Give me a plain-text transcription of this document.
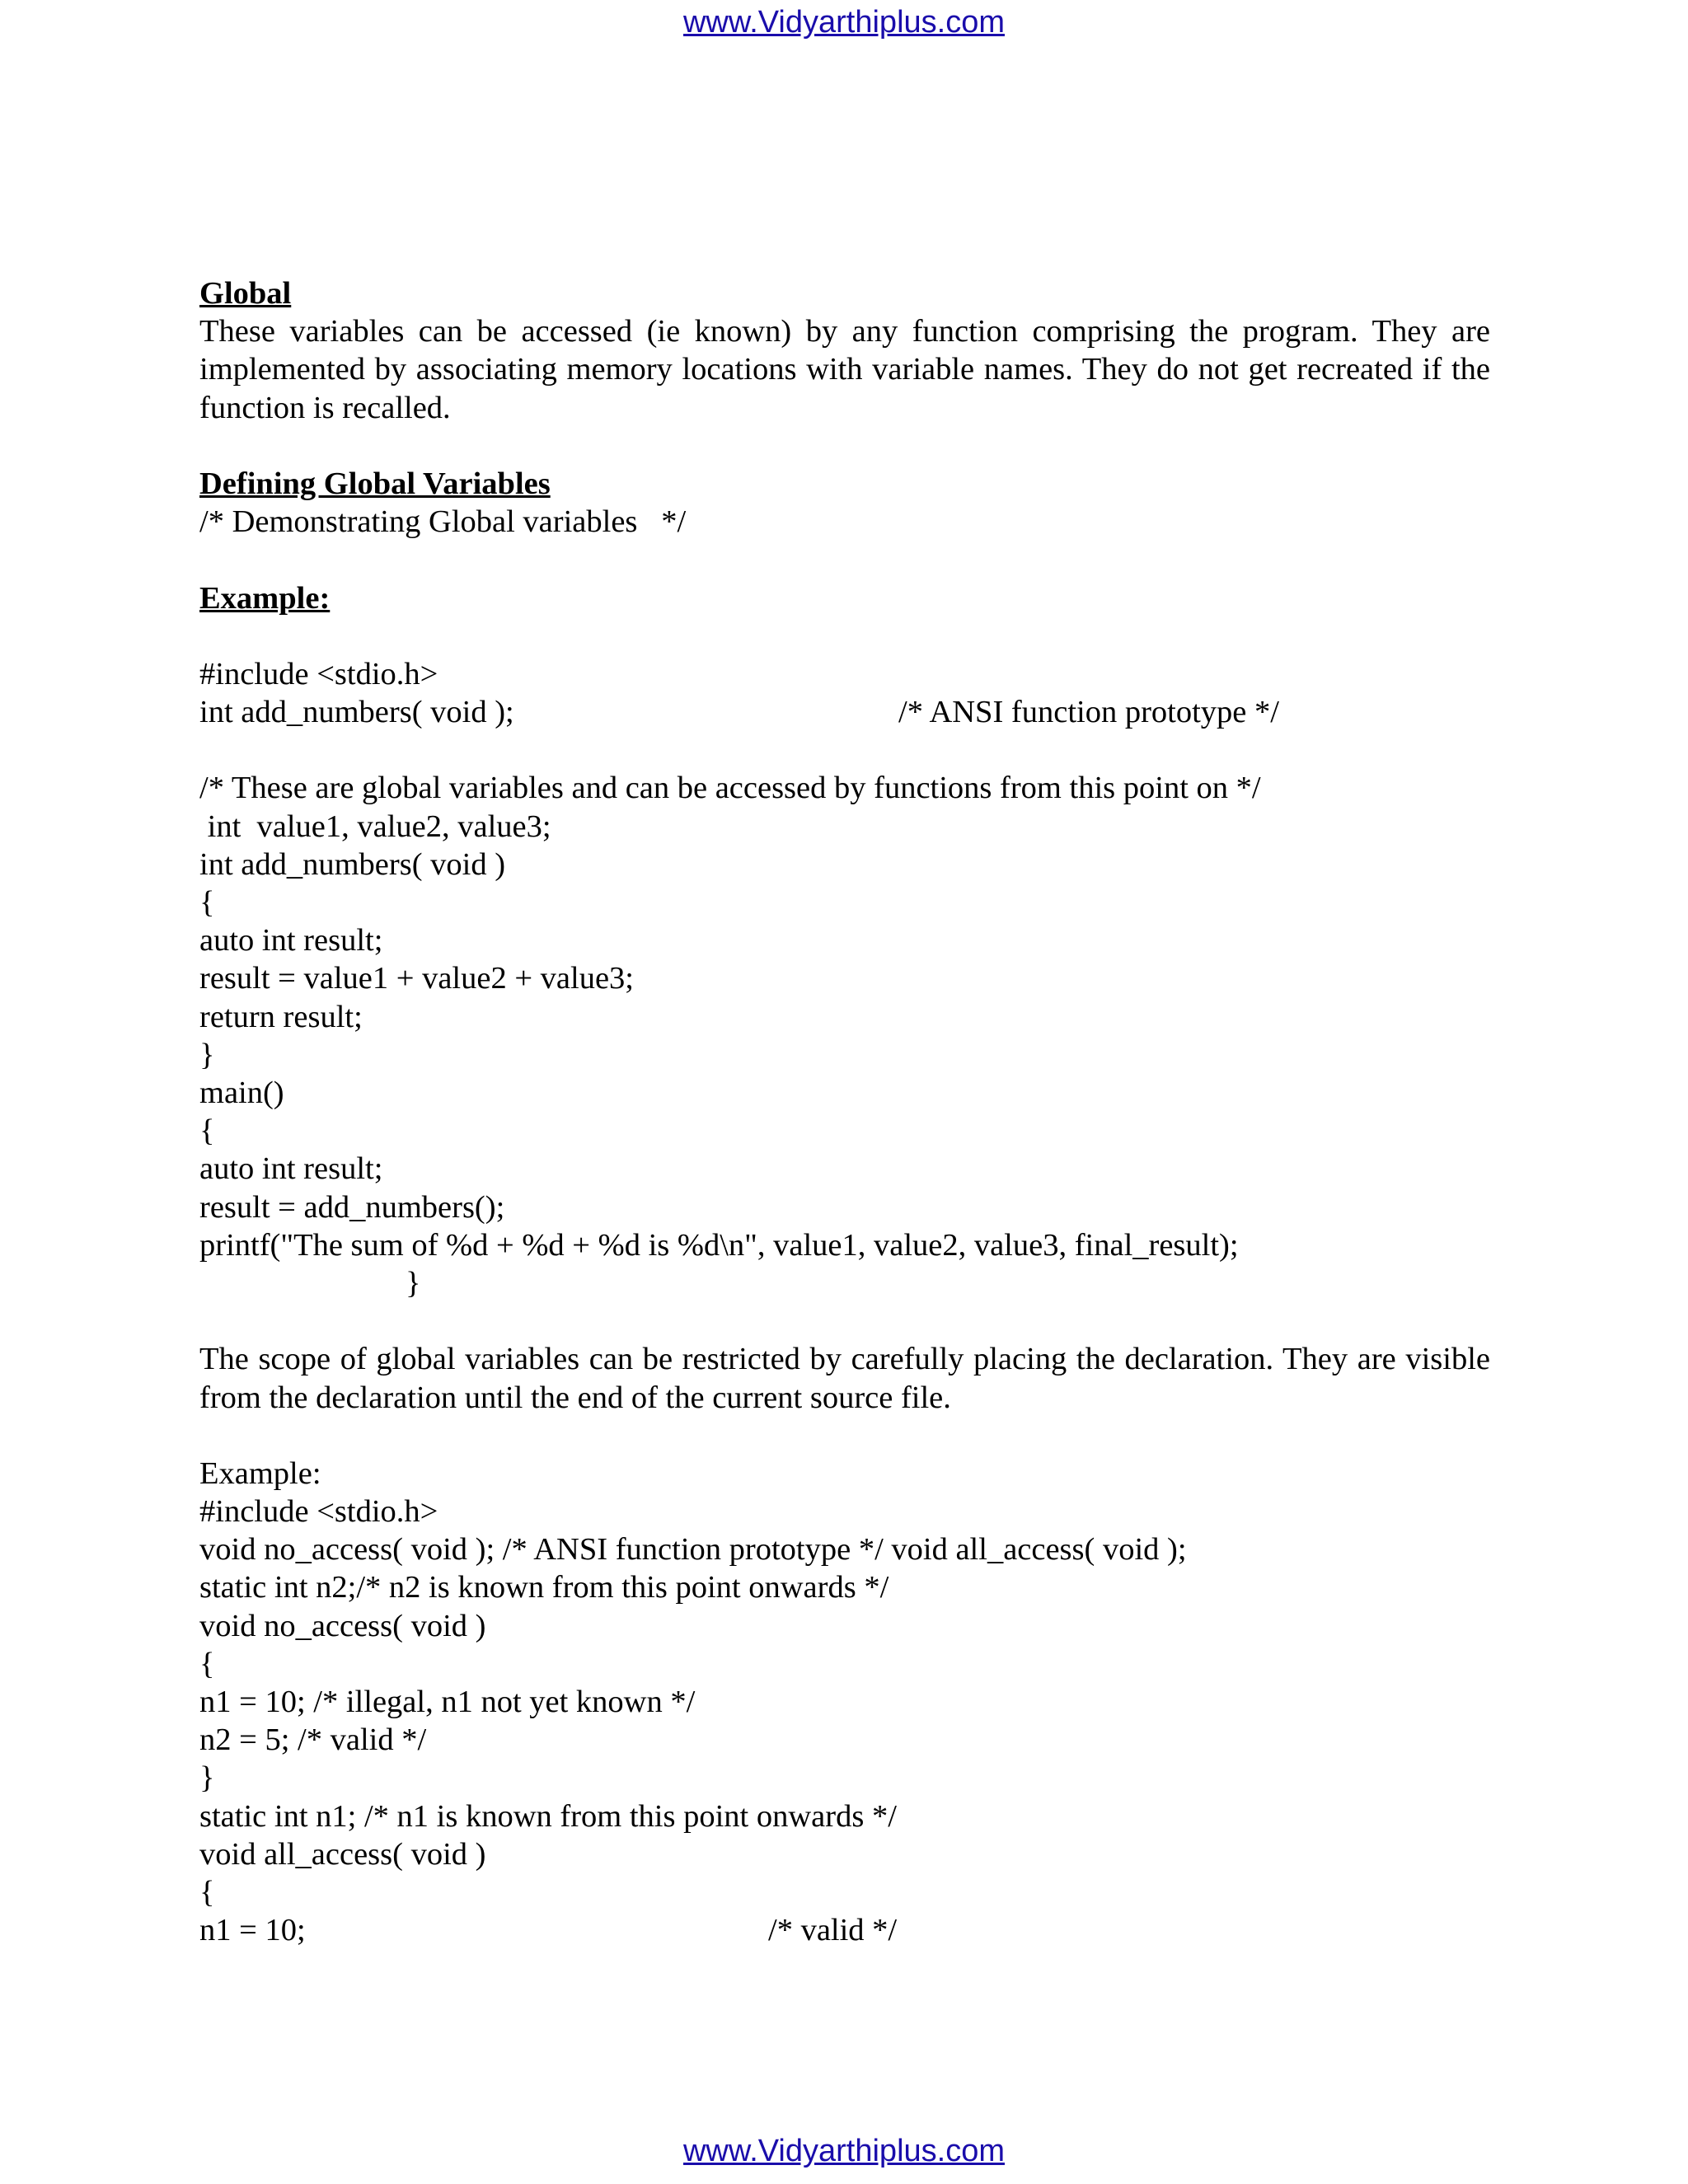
www.Vidyarthiplus.com
Global
These variables can be accessed (ie known) by any function comprising the program. They are implemented by associating memory locations with variable names. They do not get recreated if the function is recalled.
Defining Global Variables
/* Demonstrating Global variables   */
Example:
#include <stdio.h>
int add_numbers( void );	/* ANSI function prototype */
/* These are global variables and can be accessed by functions from this point on */
int  value1, value2, value3;
int add_numbers( void )
{
auto int result;
result = value1 + value2 + value3;
return result;
}
main()
{
auto int result;
result = add_numbers();
printf("The sum of %d + %d + %d is %d\n", value1, value2, value3, final_result);
}
The scope of global variables can be restricted by carefully placing the declaration. They are visible from the declaration until the end of the current source file.
Example:
#include <stdio.h>
void no_access( void ); /* ANSI function prototype */ void all_access( void );
static int n2;/* n2 is known from this point onwards */
void no_access( void )
{
n1 = 10; /* illegal, n1 not yet known */
n2 = 5; /* valid */
}
static int n1; /* n1 is known from this point onwards */
void all_access( void )
{
n1 = 10;	/* valid */
www.Vidyarthiplus.com
